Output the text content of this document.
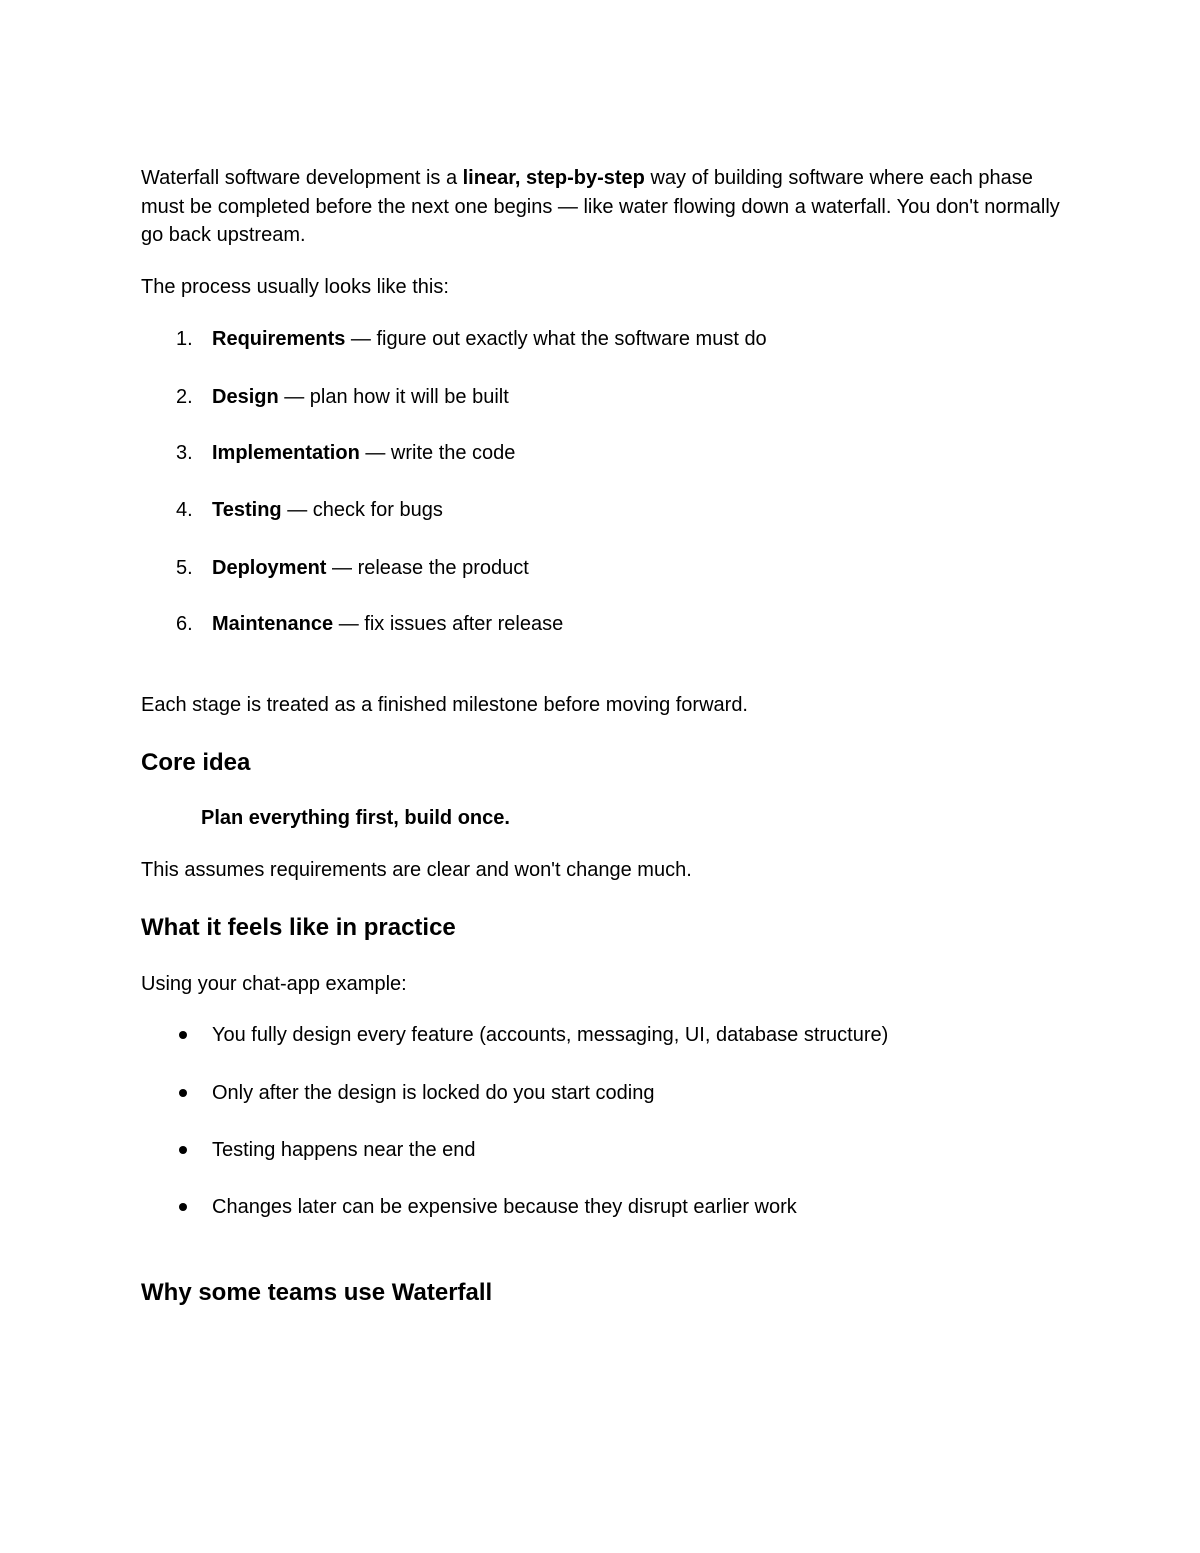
Waterfall software development is a linear, step-by-step way of building software where each phase must be completed before the next one begins — like water flowing down a waterfall. You don't normally go back upstream.

The process usually looks like this:

1. Requirements — figure out exactly what the software must do
2. Design — plan how it will be built
3. Implementation — write the code
4. Testing — check for bugs
5. Deployment — release the product
6. Maintenance — fix issues after release

Each stage is treated as a finished milestone before moving forward.

Core idea

Plan everything first, build once.

This assumes requirements are clear and won't change much.

What it feels like in practice

Using your chat-app example:

You fully design every feature (accounts, messaging, UI, database structure)
Only after the design is locked do you start coding
Testing happens near the end
Changes later can be expensive because they disrupt earlier work
Why some teams use Waterfall
